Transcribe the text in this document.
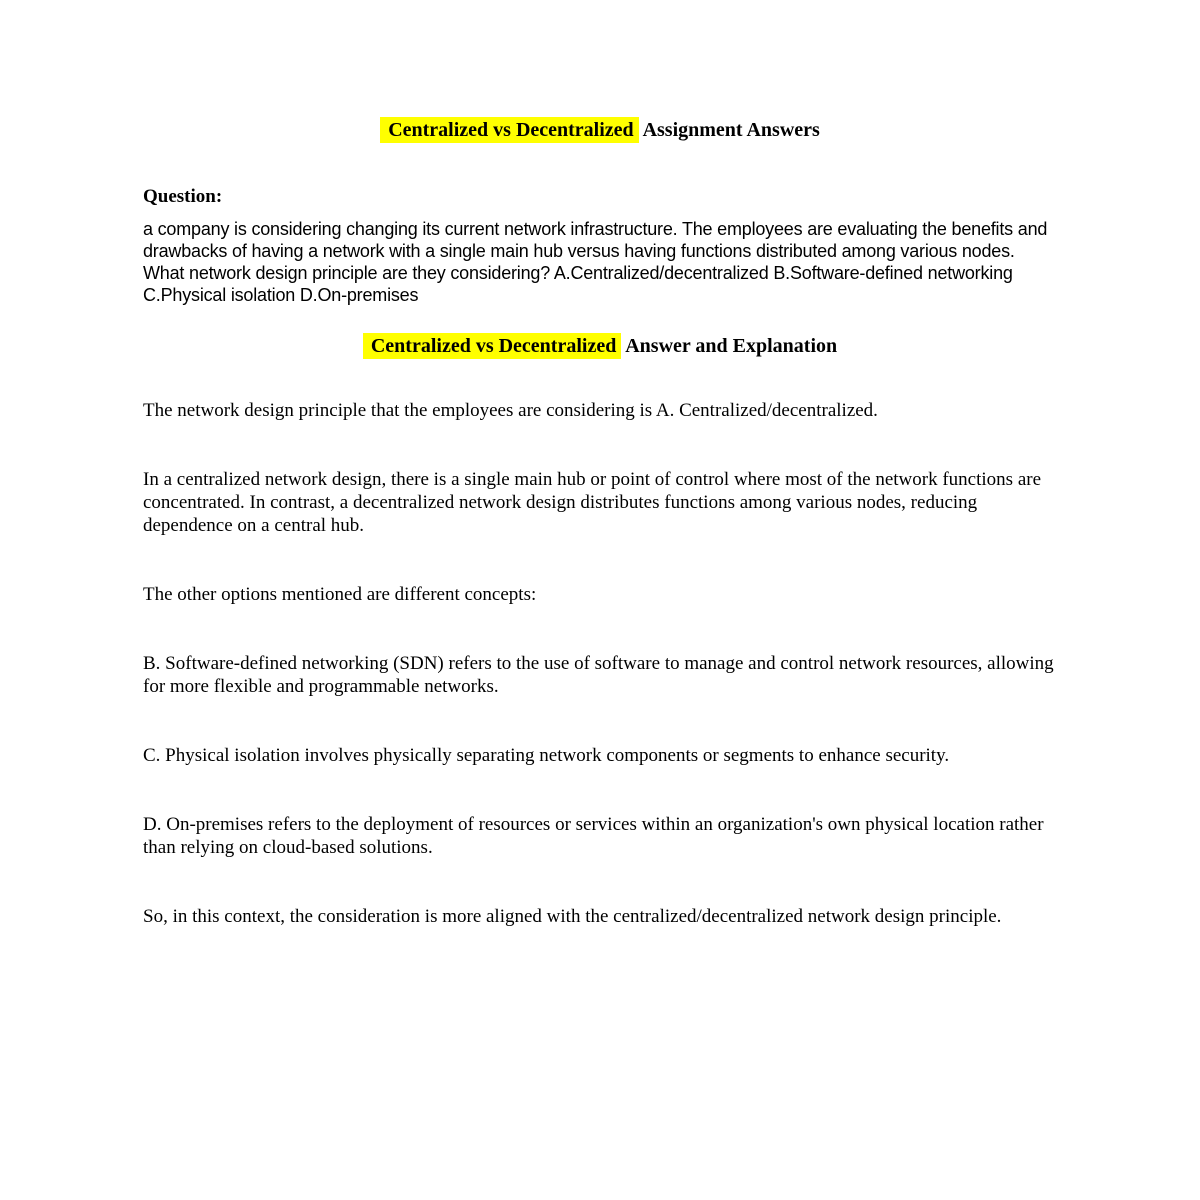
Centralized vs Decentralized Assignment Answers

Question:

a company is considering changing its current network infrastructure. The employees are evaluating the benefits and drawbacks of having a network with a single main hub versus having functions distributed among various nodes. What network design principle are they considering? A.Centralized/decentralized B.Software-defined networking C.Physical isolation D.On-premises

Centralized vs Decentralized Answer and Explanation

The network design principle that the employees are considering is A. Centralized/decentralized.

In a centralized network design, there is a single main hub or point of control where most of the network functions are concentrated. In contrast, a decentralized network design distributes functions among various nodes, reducing dependence on a central hub.

The other options mentioned are different concepts:

B. Software-defined networking (SDN) refers to the use of software to manage and control network resources, allowing for more flexible and programmable networks.

C. Physical isolation involves physically separating network components or segments to enhance security.

D. On-premises refers to the deployment of resources or services within an organization's own physical location rather than relying on cloud-based solutions.

So, in this context, the consideration is more aligned with the centralized/decentralized network design principle.
